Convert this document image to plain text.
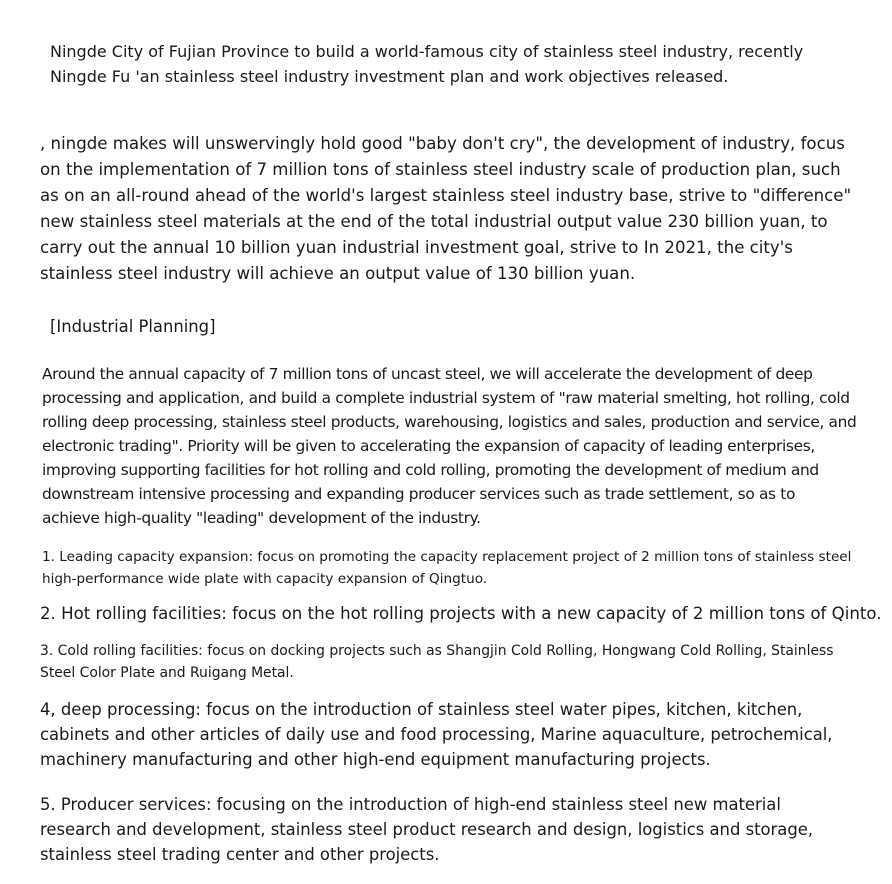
Ningde City of Fujian Province to build a world-famous city of stainless steel industry, recently Ningde Fu 'an stainless steel industry investment plan and work objectives released.

, ningde makes will unswervingly hold good "baby don't cry", the development of industry, focus on the implementation of 7 million tons of stainless steel industry scale of production plan, such as on an all-round ahead of the world's largest stainless steel industry base, strive to "difference" new stainless steel materials at the end of the total industrial output value 230 billion yuan, to carry out the annual 10 billion yuan industrial investment goal, strive to In 2021, the city's stainless steel industry will achieve an output value of 130 billion yuan.

[Industrial Planning]

Around the annual capacity of 7 million tons of uncast steel, we will accelerate the development of deep processing and application, and build a complete industrial system of "raw material smelting, hot rolling, cold rolling deep processing, stainless steel products, warehousing, logistics and sales, production and service, and electronic trading". Priority will be given to accelerating the expansion of capacity of leading enterprises, improving supporting facilities for hot rolling and cold rolling, promoting the development of medium and downstream intensive processing and expanding producer services such as trade settlement, so as to achieve high-quality "leading" development of the industry.

1. Leading capacity expansion: focus on promoting the capacity replacement project of 2 million tons of stainless steel high-performance wide plate with capacity expansion of Qingtuo.

2. Hot rolling facilities: focus on the hot rolling projects with a new capacity of 2 million tons of Qinto.

3. Cold rolling facilities: focus on docking projects such as Shangjin Cold Rolling, Hongwang Cold Rolling, Stainless Steel Color Plate and Ruigang Metal.

4, deep processing: focus on the introduction of stainless steel water pipes, kitchen, kitchen, cabinets and other articles of daily use and food processing, Marine aquaculture, petrochemical, machinery manufacturing and other high-end equipment manufacturing projects.

5. Producer services: focusing on the introduction of high-end stainless steel new material research and development, stainless steel product research and design, logistics and storage, stainless steel trading center and other projects.
